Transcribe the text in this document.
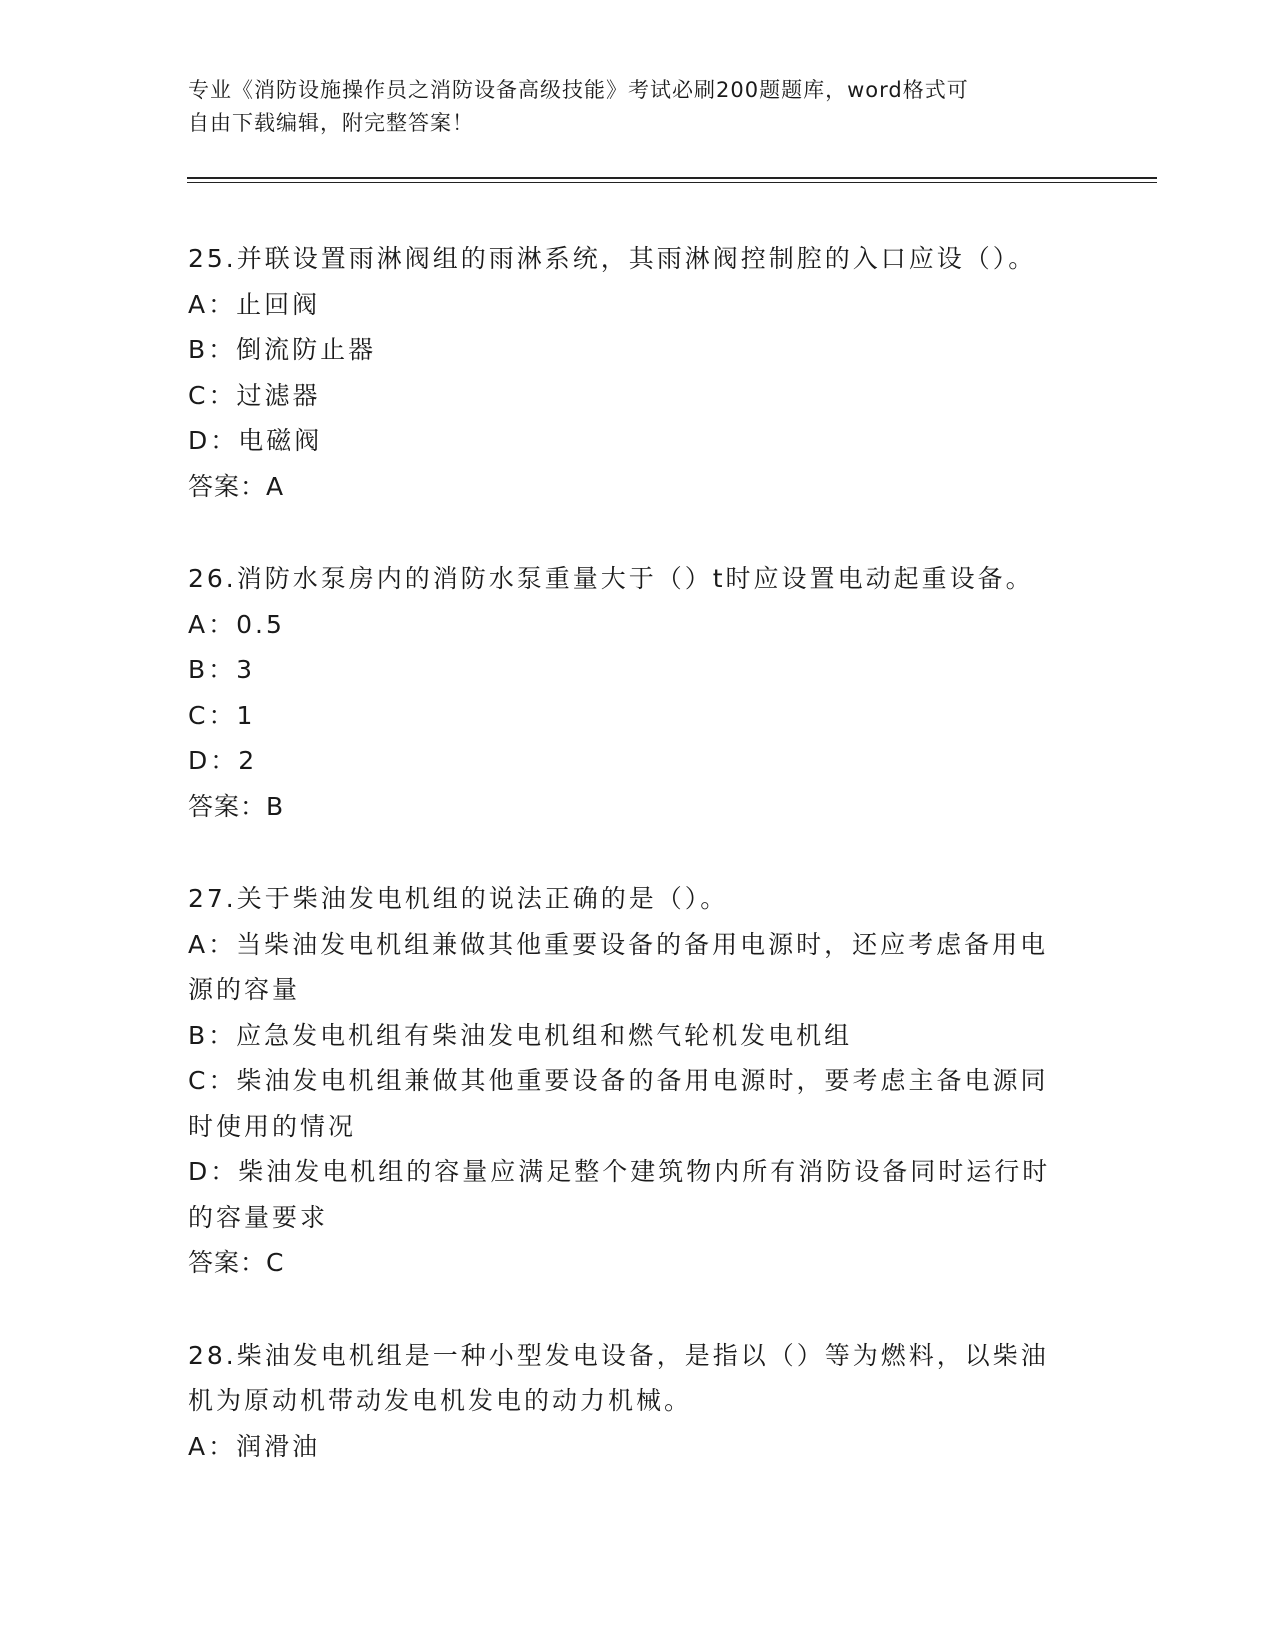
专业《消防设施操作员之消防设备高级技能》考试必刷200题题库，word格式可
自由下载编辑，附完整答案！
25.并联设置雨淋阀组的雨淋系统，其雨淋阀控制腔的入口应设（）。
A：止回阀
B：倒流防止器
C：过滤器
D：电磁阀
答案：A
26.消防水泵房内的消防水泵重量大于（）t时应设置电动起重设备。
A：0.5
B：3
C：1
D：2
答案：B
27.关于柴油发电机组的说法正确的是（）。
A：当柴油发电机组兼做其他重要设备的备用电源时，还应考虑备用电
源的容量
B：应急发电机组有柴油发电机组和燃气轮机发电机组
C：柴油发电机组兼做其他重要设备的备用电源时，要考虑主备电源同
时使用的情况
D：柴油发电机组的容量应满足整个建筑物内所有消防设备同时运行时
的容量要求
答案：C
28.柴油发电机组是一种小型发电设备，是指以（）等为燃料，以柴油
机为原动机带动发电机发电的动力机械。
A：润滑油
